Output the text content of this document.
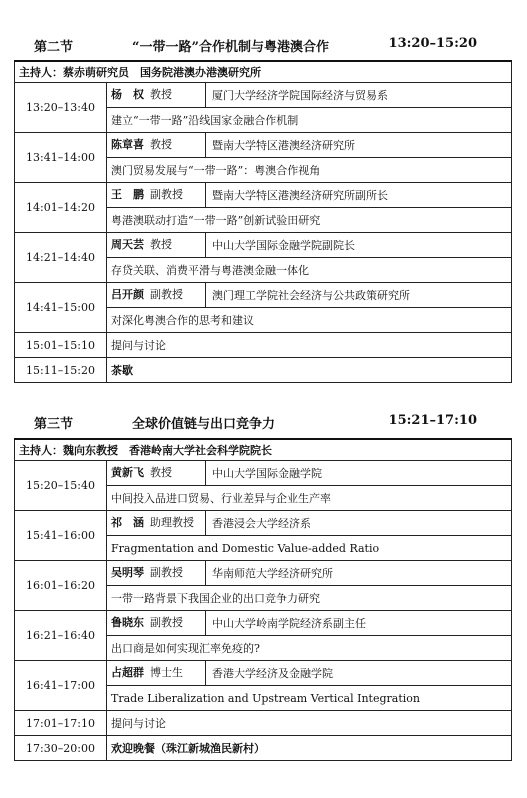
第二节	“一带一路”合作机制与粤港澳合作	13:20–15:20
主持人：蔡赤萌研究员　国务院港澳办港澳研究所	
13:20–13:40	杨　权 教授 厦门大学经济学院国际经济与贸易系

	建立“一带一路”沿线国家金融合作机制
13:41–14:00	陈章喜 教授 暨南大学特区港澳经济研究所

	澳门贸易发展与“一带一路”：粤澳合作视角
14:01–14:20	王　鹏 副教授 暨南大学特区港澳经济研究所副所长

	粤港澳联动打造“一带一路”创新试验田研究
14:21–14:40	周天芸 教授 中山大学国际金融学院副院长

	存贷关联、消费平滑与粤港澳金融一体化
14:41–15:00	吕开颜 副教授 澳门理工学院社会经济与公共政策研究所

	对深化粤澳合作的思考和建议
15:01–15:10	提问与讨论
15:11–15:20	茶歇
第三节	全球价值链与出口竞争力	15:21–17:10
主持人：魏向东教授　香港岭南大学社会科学院院长	
15:20–15:40	黄新飞 教授 中山大学国际金融学院

	中间投入品进口贸易、行业差异与企业生产率
15:41–16:00	祁　涵 助理教授 香港浸会大学经济系

	Fragmentation and Domestic Value-added Ratio
16:01–16:20	吴明琴 副教授 华南师范大学经济研究所

	一带一路背景下我国企业的出口竞争力研究
16:21–16:40	鲁晓东 副教授 中山大学岭南学院经济系副主任

	出口商是如何实现汇率免疫的?
16:41–17:00	占超群 博士生 香港大学经济及金融学院

	Trade Liberalization and Upstream Vertical Integration
17:01–17:10	提问与讨论
17:30–20:00	欢迎晚餐（珠江新城渔民新村）
